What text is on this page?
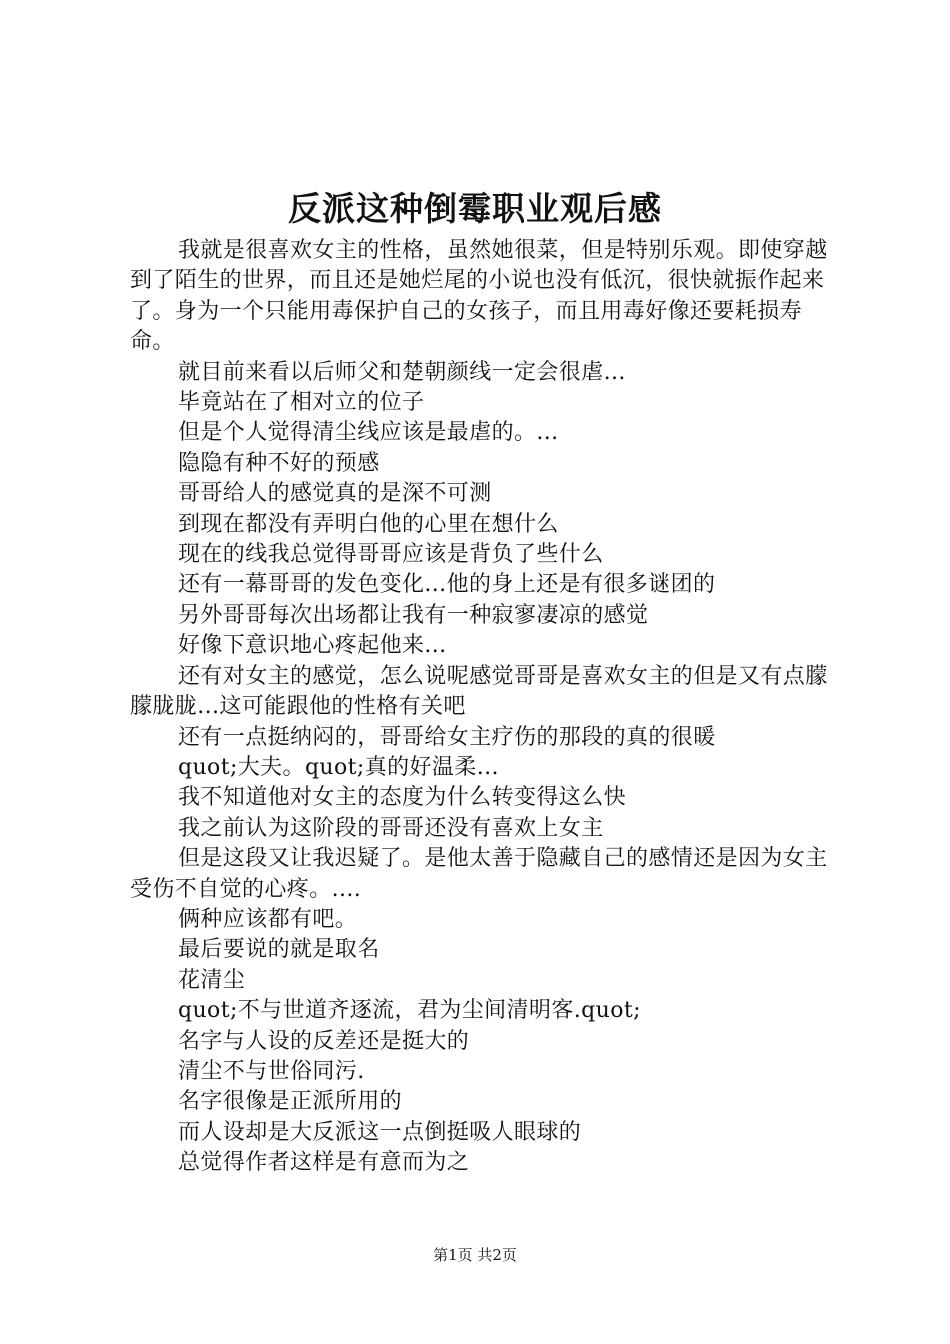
反派这种倒霉职业观后感

我就是很喜欢女主的性格，虽然她很菜，但是特别乐观。即使穿越到了陌生的世界，而且还是她烂尾的小说也没有低沉，很快就振作起来了。身为一个只能用毒保护自己的女孩子，而且用毒好像还要耗损寿命。

就目前来看以后师父和楚朝颜线一定会很虐...

毕竟站在了相对立的位子

但是个人觉得清尘线应该是最虐的。...

隐隐有种不好的预感

哥哥给人的感觉真的是深不可测

到现在都没有弄明白他的心里在想什么

现在的线我总觉得哥哥应该是背负了些什么

还有一幕哥哥的发色变化...他的身上还是有很多谜团的

另外哥哥每次出场都让我有一种寂寥凄凉的感觉

好像下意识地心疼起他来...

还有对女主的感觉，怎么说呢感觉哥哥是喜欢女主的但是又有点朦朦胧胧...这可能跟他的性格有关吧

还有一点挺纳闷的，哥哥给女主疗伤的那段的真的很暖

quot;大夫。quot;真的好温柔...

我不知道他对女主的态度为什么转变得这么快

我之前认为这阶段的哥哥还没有喜欢上女主

但是这段又让我迟疑了。是他太善于隐藏自己的感情还是因为女主受伤不自觉的心疼。....

俩种应该都有吧。

最后要说的就是取名

花清尘

quot;不与世道齐逐流，君为尘间清明客.quot;

名字与人设的反差还是挺大的

清尘不与世俗同污.

名字很像是正派所用的

而人设却是大反派这一点倒挺吸人眼球的

总觉得作者这样是有意而为之

第1页 共2页
